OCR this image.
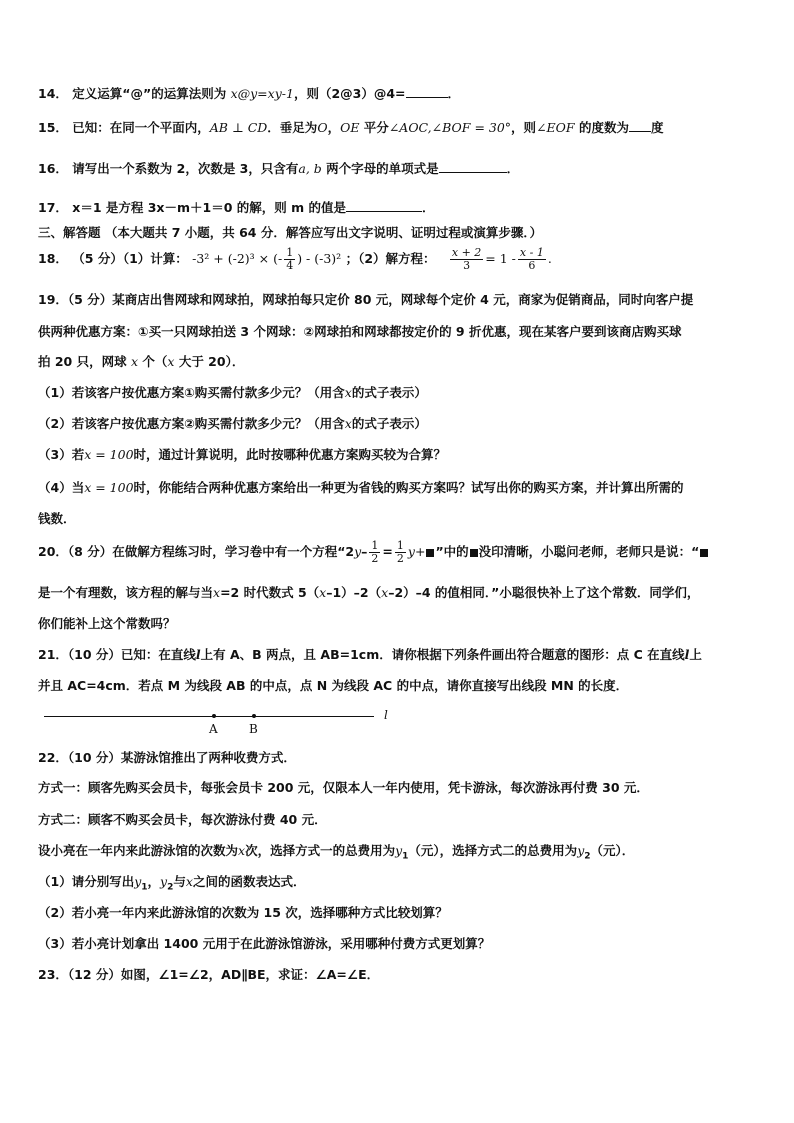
14． 定义运算“@”的运算法则为 x@y=xy-1，则（2@3）@4=	．
15． 已知：在同一个平面内，AB ⊥ CD．垂足为O，OE 平分∠AOC,∠BOF = 30°，则∠EOF 的度数为 度
16． 请写出一个系数为 2，次数是 3，只含有a, b 两个字母的单项式是	．
17． x＝1 是方程 3x－m＋1＝0 的解，则 m 的值是	．
三、解答题 （本大题共 7 小题，共 64 分．解答应写出文字说明、证明过程或演算步骤．）
18． （5 分）（1）计算： -3² + (-2)³ × (- $\frac{1}{4}$ ) - (-3)² ；（2）解方程： $\frac{x + 2}{3} = 1 - \frac{x - 1}{6}$ .
19．（5 分）某商店出售网球和网球拍，网球拍每只定价 80 元，网球每个定价 4 元，商家为促销商品，同时向客户提
供两种优惠方案：①买一只网球拍送 3 个网球：②网球拍和网球都按定价的 9 折优惠，现在某客户要到该商店购买球
拍 20 只，网球 x 个（x 大于 20）．
（1）若该客户按优惠方案①购买需付款多少元？（用含x的式子表示）
（2）若该客户按优惠方案②购买需付款多少元？（用含x的式子表示）
（3）若x = 100时，通过计算说明，此时按哪种优惠方案购买较为合算？
（4）当x = 100时，你能结合两种优惠方案给出一种更为省钱的购买方案吗？试写出你的购买方案，并计算出所需的
钱数．
20．（8 分）在做解方程练习时，学习卷中有一个方程“$2y- \frac{1}{2} = \frac{1}{2} y+$ ”中的 没印清晰，小聪问老师，老师只是说：“
是一个有理数，该方程的解与当x=2 时代数式 5（x–1）–2（x–2）–4 的值相同．”小聪很快补上了这个常数．同学们，
你们能补上这个常数吗？
21．（10 分）已知：在直线l上有 A、B 两点，且 AB=1cm．请你根据下列条件画出符合题意的图形：点 C 在直线l上
并且 AC=4cm．若点 M 为线段 AB 的中点，点 N 为线段 AC 的中点，请你直接写出线段 MN 的长度．
A	B
l
22．（10 分）某游泳馆推出了两种收费方式．
方式一：顾客先购买会员卡，每张会员卡 200 元，仅限本人一年内使用，凭卡游泳，每次游泳再付费 30 元．
方式二：顾客不购买会员卡，每次游泳付费 40 元．
设小亮在一年内来此游泳馆的次数为x次，选择方式一的总费用为$y_1$（元），选择方式二的总费用为$y_2$（元）．
（1）请分别写出$y_1$，$y_2$与x之间的函数表达式．
（2）若小亮一年内来此游泳馆的次数为 15 次，选择哪种方式比较划算？
（3）若小亮计划拿出 1400 元用于在此游泳馆游泳，采用哪种付费方式更划算？
23．（12 分）如图，∠1=∠2，AD∥BE，求证：∠A=∠E．
